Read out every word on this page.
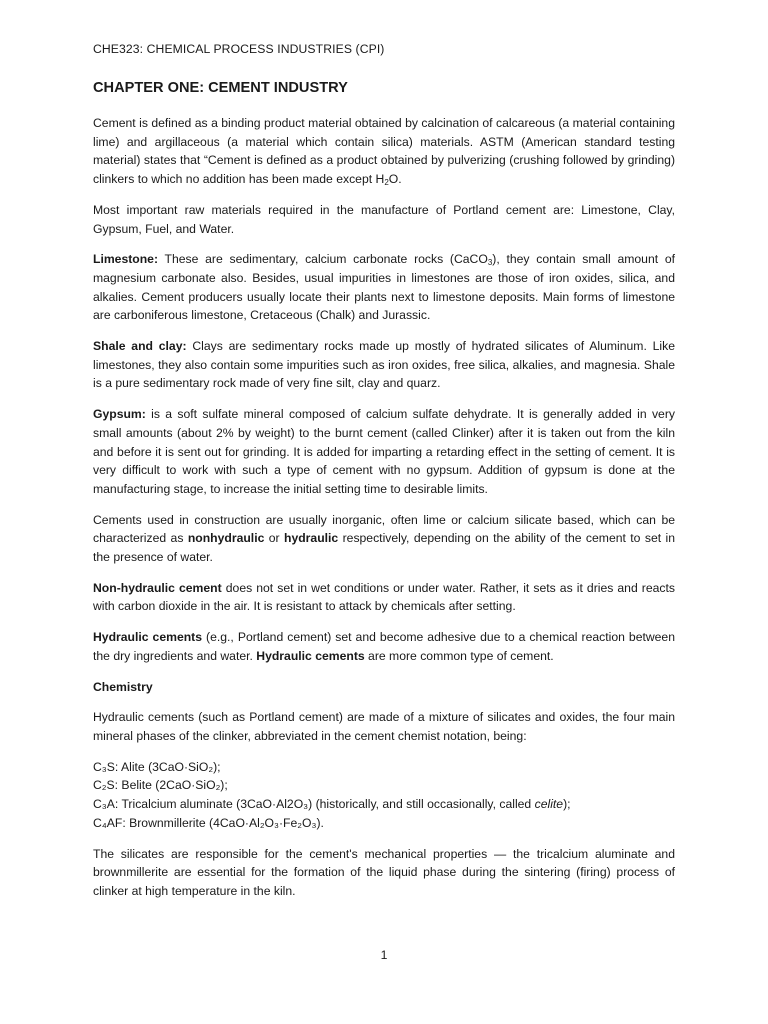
CHE323: CHEMICAL PROCESS INDUSTRIES (CPI)
CHAPTER ONE: CEMENT INDUSTRY

Cement is defined as a binding product material obtained by calcination of calcareous (a material containing lime) and argillaceous (a material which contain silica) materials. ASTM (American standard testing material) states that “Cement is defined as a product obtained by pulverizing (crushing followed by grinding) clinkers to which no addition has been made except $H_2O$.

Most important raw materials required in the manufacture of Portland cement are: Limestone, Clay, Gypsum, Fuel, and Water.

Limestone: These are sedimentary, calcium carbonate rocks (CaCO$_3$), they contain small amount of magnesium carbonate also. Besides, usual impurities in limestones are those of iron oxides, silica, and alkalies. Cement producers usually locate their plants next to limestone deposits. Main forms of limestone are carboniferous limestone, Cretaceous (Chalk) and Jurassic.

Shale and clay: Clays are sedimentary rocks made up mostly of hydrated silicates of Aluminum. Like limestones, they also contain some impurities such as iron oxides, free silica, alkalies, and magnesia. Shale is a pure sedimentary rock made of very fine silt, clay and quarz.

Gypsum: is a soft sulfate mineral composed of calcium sulfate dehydrate. It is generally added in very small amounts (about 2% by weight) to the burnt cement (called Clinker) after it is taken out from the kiln and before it is sent out for grinding. It is added for imparting a retarding effect in the setting of cement. It is very difficult to work with such a type of cement with no gypsum. Addition of gypsum is done at the manufacturing stage, to increase the initial setting time to desirable limits.

Cements used in construction are usually inorganic, often lime or calcium silicate based, which can be characterized as nonhydraulic or hydraulic respectively, depending on the ability of the cement to set in the presence of water.

Non-hydraulic cement does not set in wet conditions or under water. Rather, it sets as it dries and reacts with carbon dioxide in the air. It is resistant to attack by chemicals after setting.

Hydraulic cements (e.g., Portland cement) set and become adhesive due to a chemical reaction between the dry ingredients and water. Hydraulic cements are more common type of cement.

Chemistry

Hydraulic cements (such as Portland cement) are made of a mixture of silicates and oxides, the four main mineral phases of the clinker, abbreviated in the cement chemist notation, being:

C₃S: Alite (3CaO·SiO₂);
C₂S: Belite (2CaO·SiO₂);
C₃A: Tricalcium aluminate (3CaO·Al2O₃) (historically, and still occasionally, called celite);
C₄AF: Brownmillerite (4CaO·Al₂O₃·Fe₂O₃).

The silicates are responsible for the cement's mechanical properties — the tricalcium aluminate and brownmillerite are essential for the formation of the liquid phase during the sintering (firing) process of clinker at high temperature in the kiln.

1
